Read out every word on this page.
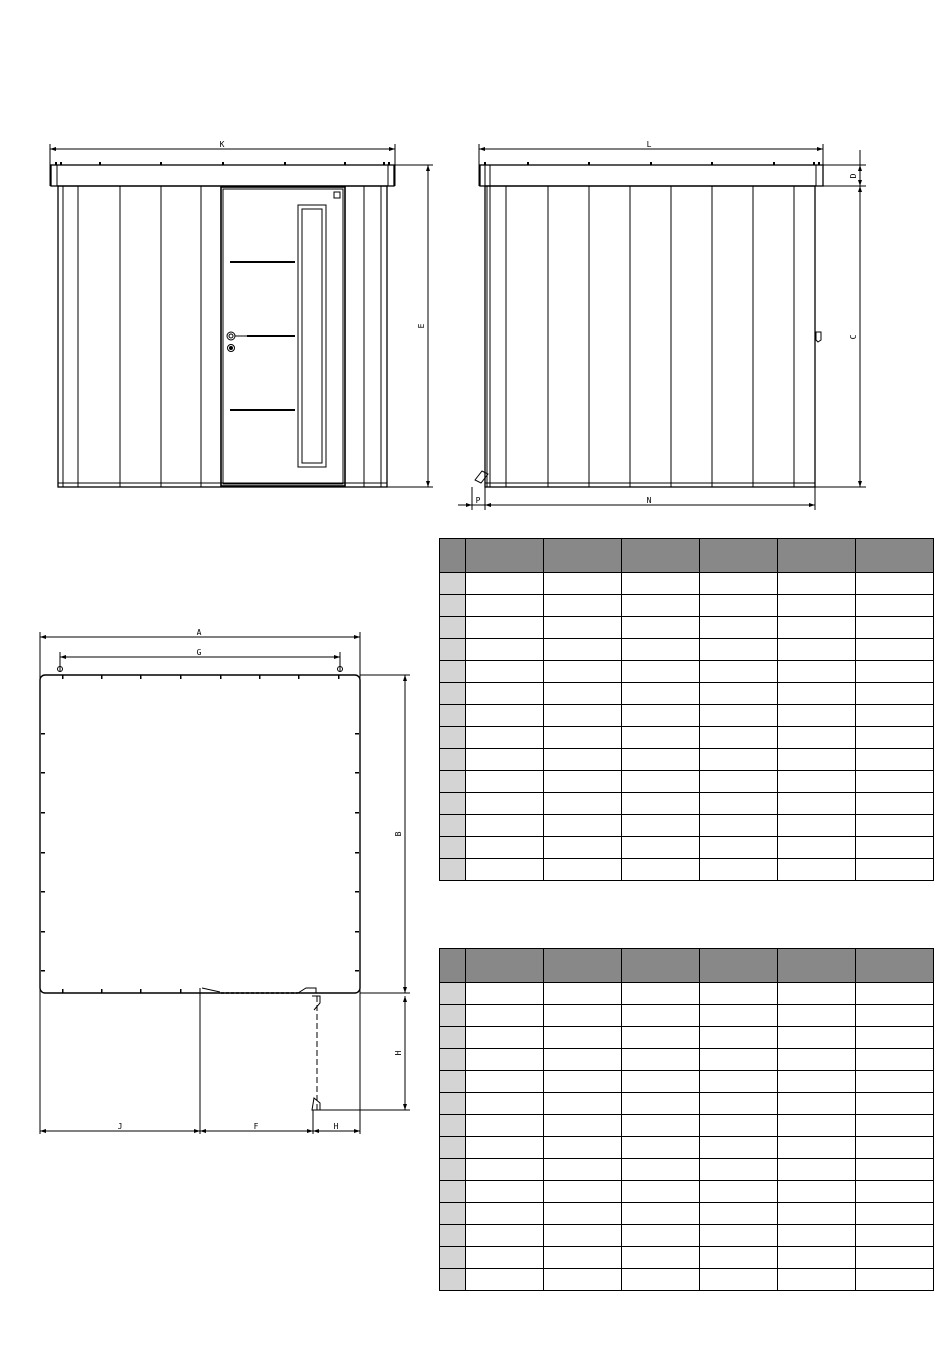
K
E
L
D
C
N
P
A
G
B
H
J	F	H
